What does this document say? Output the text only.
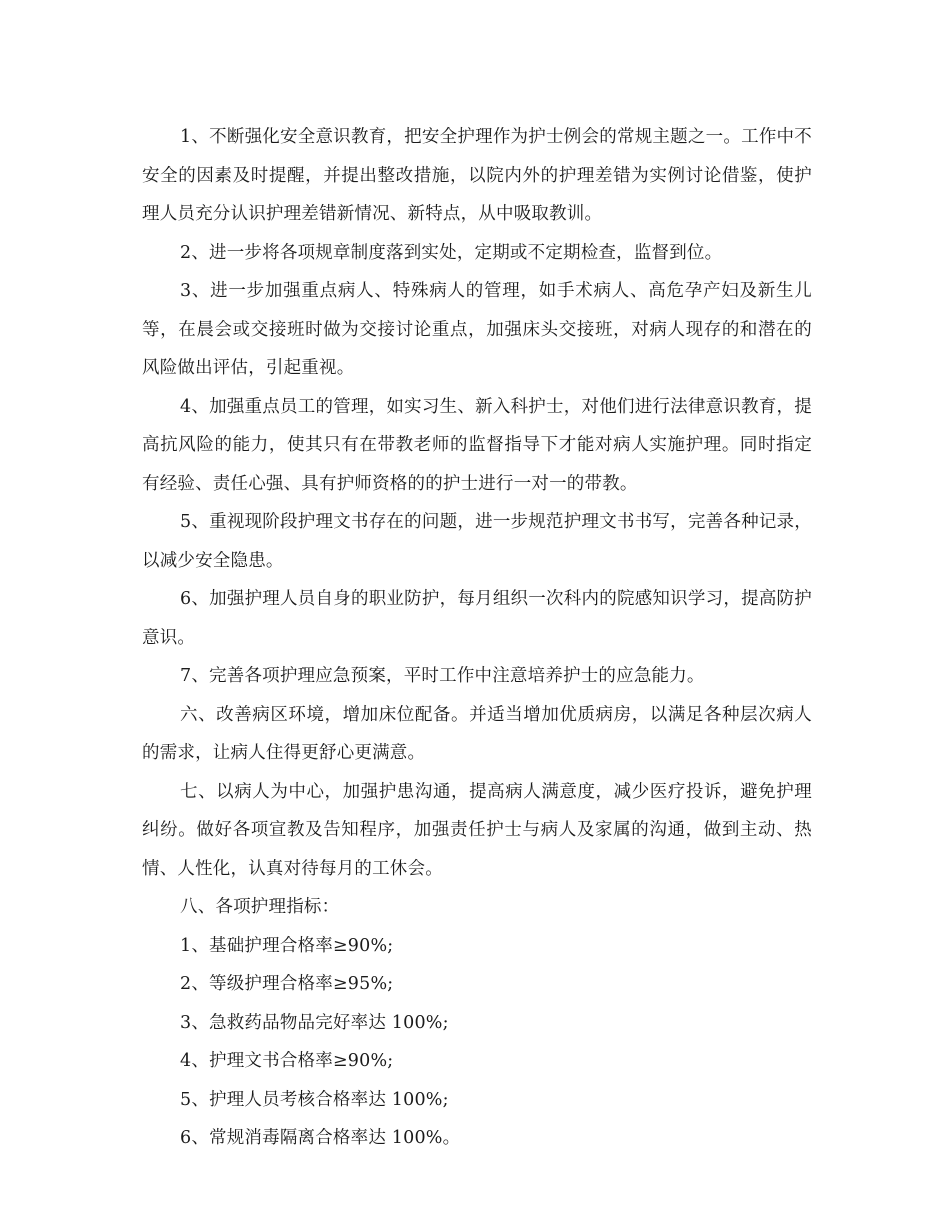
1、不断强化安全意识教育，把安全护理作为护士例会的常规主题之一。工作中不安全的因素及时提醒，并提出整改措施，以院内外的护理差错为实例讨论借鉴，使护理人员充分认识护理差错新情况、新特点，从中吸取教训。

2、进一步将各项规章制度落到实处，定期或不定期检查，监督到位。

3、进一步加强重点病人、特殊病人的管理，如手术病人、高危孕产妇及新生儿等，在晨会或交接班时做为交接讨论重点，加强床头交接班，对病人现存的和潜在的风险做出评估，引起重视。

4、加强重点员工的管理，如实习生、新入科护士，对他们进行法律意识教育，提高抗风险的能力，使其只有在带教老师的监督指导下才能对病人实施护理。同时指定有经验、责任心强、具有护师资格的的护士进行一对一的带教。

5、重视现阶段护理文书存在的问题，进一步规范护理文书书写，完善各种记录，以减少安全隐患。

6、加强护理人员自身的职业防护，每月组织一次科内的院感知识学习，提高防护意识。

7、完善各项护理应急预案，平时工作中注意培养护士的应急能力。

六、改善病区环境，增加床位配备。并适当增加优质病房，以满足各种层次病人的需求，让病人住得更舒心更满意。

七、以病人为中心，加强护患沟通，提高病人满意度，减少医疗投诉，避免护理纠纷。做好各项宣教及告知程序，加强责任护士与病人及家属的沟通，做到主动、热情、人性化，认真对待每月的工休会。

八、各项护理指标：

1、基础护理合格率≥90%;

2、等级护理合格率≥95%;

3、急救药品物品完好率达 100%;

4、护理文书合格率≥90%;

5、护理人员考核合格率达 100%;

6、常规消毒隔离合格率达 100%。
